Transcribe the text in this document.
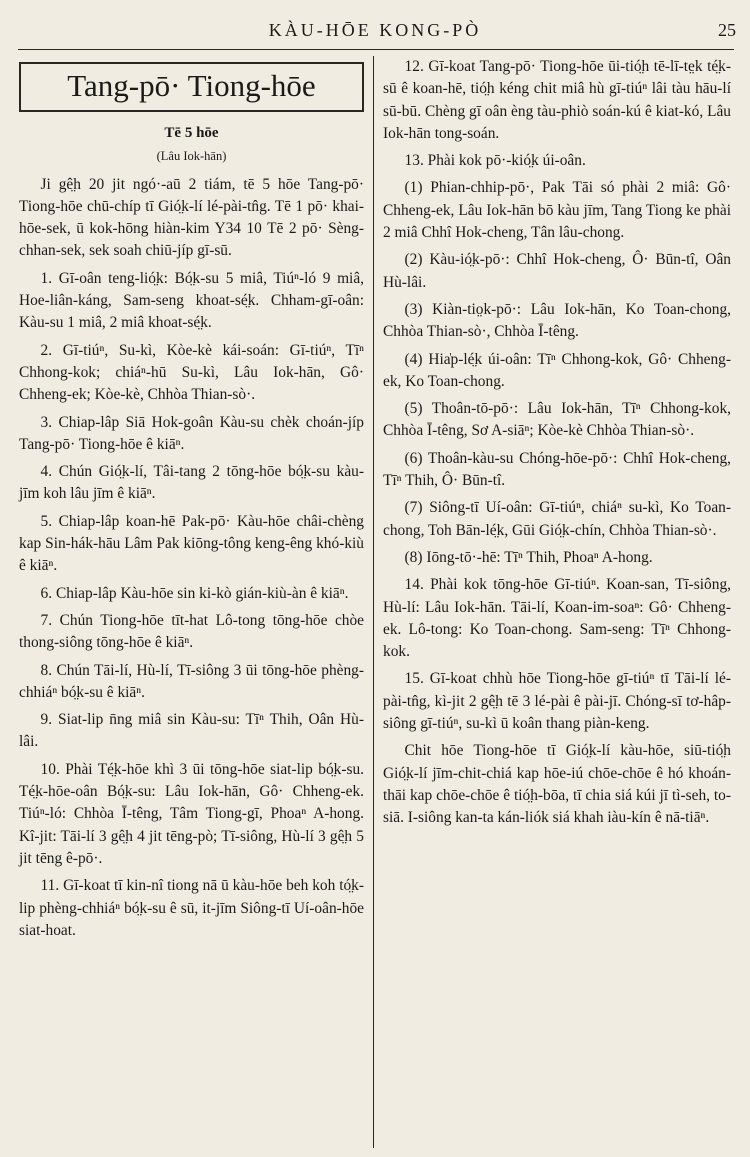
KÀU-HŌE KONG-PÒ	25
Tang-pō· Tiong-hōe
Tē 5 hōe
(Lâu Iok-hān)

Ji gê̤h 20 jit ngó·-aū 2 tiám, tē 5 hōe Tang-pō· Tiong-hōe chū-chíp tī Gió̤k-lí lé-pài-tn̂g. Tē 1 pō· khai-hōe-sek, ū kok-hōng hiàn-kim Y34 10 Tē 2 pō· Sèng-chhan-sek, sek soah chiū-jíp gī-sū.

1. Gī-oân teng-lió̤k: Bó̤k-su 5 miâ, Tiúⁿ-ló 9 miâ, Hoe-liân-káng, Sam-seng khoat-sé̤k. Chham-gī-oân: Kàu-su 1 miâ, 2 miâ khoat-sé̤k.

2. Gī-tiúⁿ, Su-kì, Kòe-kè kái-soán: Gī-tiúⁿ, Tīⁿ Chhong-kok; chiáⁿ-hū Su-kì, Lâu Iok-hān, Gô· Chheng-ek; Kòe-kè, Chhòa Thian-sò·.

3. Chiap-lâp Siā Hok-goân Kàu-su chèk choán-jíp Tang-pō· Tiong-hōe ê kiāⁿ.

4. Chún Gió̤k-lí, Tâi-tang 2 tōng-hōe bó̤k-su kàu-jīm koh lâu jīm ê kiāⁿ.

5. Chiap-lâp koan-hē Pak-pō· Kàu-hōe châi-chèng kap Sin-hák-hāu Lâm Pak kiōng-tông keng-êng khó-kiù ê kiāⁿ.

6. Chiap-lâp Kàu-hōe sin ki-kò gián-kiù-àn ê kiāⁿ.

7. Chún Tiong-hōe tīt-hat Lô-tong tōng-hōe chòe thong-siông tōng-hōe ê kiāⁿ.

8. Chún Tāi-lí, Hù-lí, Tī-siông 3 ūi tōng-hōe phèng-chhiáⁿ bó̤k-su ê kiāⁿ.

9. Siat-lip n̄ng miâ sin Kàu-su: Tīⁿ Thih, Oân Hù-lâi.

10. Phài Té̤k-hōe khì 3 ūi tōng-hōe siat-lip bó̤k-su. Té̤k-hōe-oân Bó̤k-su: Lâu Iok-hān, Gô· Chheng-ek. Tiúⁿ-ló: Chhòa Ī-têng, Tâm Tiong-gī, Phoaⁿ A-hong. Kî-jit: Tāi-lí 3 gê̤h 4 jit tēng-pò; Tī-siông, Hù-lí 3 gê̤h 5 jit tēng ê-pō·.

11. Gī-koat tī kin-nî tiong nā ū kàu-hōe beh koh tó̤k-lip phèng-chhiáⁿ bó̤k-su ê sū, it-jīm Siông-tī Uí-oân-hōe siat-hoat.

12. Gī-koat Tang-pō· Tiong-hōe ūi-tió̤h tē-lī-te̤k té̤k-sū ê koan-hē, tió̤h kéng chit miâ hù gī-tiúⁿ lâi tàu hāu-lí sū-bū. Chèng gī oân èng tàu-phiò soán-kú ê kiat-kó, Lâu Iok-hān tong-soán.

13. Phài kok pō·-kió̤k úi-oân.

(1) Phian-chhip-pō·, Pak Tāi só phài 2 miâ: Gô· Chheng-ek, Lâu Iok-hān bō kàu jīm, Tang Tiong ke phài 2 miâ Chhî Hok-cheng, Tân lâu-chong.

(2) Kàu-ió̤k-pō·: Chhî Hok-cheng, Ô· Būn-tî, Oân Hù-lâi.

(3) Kiàn-tio̤k-pō·: Lâu Iok-hān, Ko Toan-chong, Chhòa Thian-sò·, Chhòa Ī-têng.

(4) Hia̍p-lé̤k úi-oân: Tīⁿ Chhong-kok, Gô· Chheng-ek, Ko Toan-chong.

(5) Thoân-tō-pō·: Lâu Iok-hān, Tīⁿ Chhong-kok, Chhòa Ī-têng, Sơ A-siāⁿ; Kòe-kè Chhòa Thian-sò·.

(6) Thoân-kàu-su Chóng-hōe-pō·: Chhî Hok-cheng, Tīⁿ Thih, Ô· Būn-tî.

(7) Siông-tī Uí-oân: Gī-tiúⁿ, chiáⁿ su-kì, Ko Toan-chong, Toh Bān-lé̤k, Gūi Gió̤k-chín, Chhòa Thian-sò·.

(8) Iōng-tō·-hē: Tīⁿ Thih, Phoaⁿ A-hong.

14. Phài kok tōng-hōe Gī-tiúⁿ. Koan-san, Tī-siông, Hù-lí: Lâu Iok-hān. Tāi-lí, Koan-im-soaⁿ: Gô· Chheng-ek. Lô-tong: Ko Toan-chong. Sam-seng: Tīⁿ Chhong-kok.

15. Gī-koat chhù hōe Tiong-hōe gī-tiúⁿ tī Tāi-lí lé-pài-tn̂g, kì-jit 2 gê̤h tē 3 lé-pài ê pài-jī. Chóng-sī tơ-hâp-siông gī-tiúⁿ, su-kì ū koân thang piàn-keng.

Chit hōe Tiong-hōe tī Gió̤k-lí kàu-hōe, siū-tió̤h Gió̤k-lí jīm-chit-chiá kap hōe-iú chōe-chōe ê hó khoán-thāi kap chōe-chōe ê tió̤h-bōa, tī chia siá kúi jī tì-seh, to-siā. I-siông kan-ta kán-liók siá khah iàu-kín ê nā-tiāⁿ.
